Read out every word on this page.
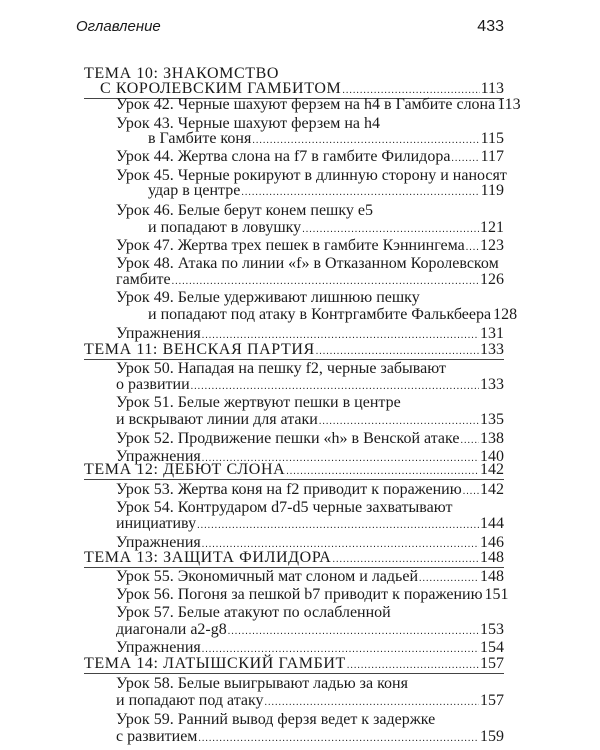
Оглавление	433
ТЕМА 10: ЗНАКОМСТВО
С КОРОЛЕВСКИМ ГАМБИТОМ .....	113
Урок 42. Черные шахуют ферзем на h4 в Гамбите слона 113
Урок 43. Черные шахуют ферзем на h4
в Гамбите коня .....	115
Урок 44. Жертва слона на f7 в гамбите Филидора ..... 117
Урок 45. Черные рокируют в длинную сторону и наносят
удар в центре .....	119
Урок 46. Белые берут конем пешку е5
и попадают в ловушку .....	121
Урок 47. Жертва трех пешек в гамбите Кэннингема ..... 123
Урок 48. Атака по линии «f» в Отказанном Королевском
гамбите .....	126
Урок 49. Белые удерживают лишнюю пешку
и попадают под атаку в Контргамбите Фалькбеера 128
Упражнения .....	131
ТЕМА 11: ВЕНСКАЯ ПАРТИЯ .....	133
Урок 50. Нападая на пешку f2, черные забывают
о развитии .....	133
Урок 51. Белые жертвуют пешки в центре
и вскрывают линии для атаки .....	135
Урок 52. Продвижение пешки «h» в Венской атаке ..... 138
Упражнения .....	140
ТЕМА 12: ДЕБЮТ СЛОНА .....	142
Урок 53. Жертва коня на f2 приводит к поражению ..... 142
Урок 54. Контрударом d7-d5 черные захватывают
инициативу .....	144
Упражнения .....	146
ТЕМА 13: ЗАЩИТА ФИЛИДОРА .....	148
Урок 55. Экономичный мат слоном и ладьей .....	148
Урок 56. Погоня за пешкой b7 приводит к поражению 151
Урок 57. Белые атакуют по ослабленной
диагонали а2-g8 .....	153
Упражнения .....	154
ТЕМА 14: ЛАТЫШСКИЙ ГАМБИТ .....	157
Урок 58. Белые выигрывают ладью за коня
и попадают под атаку .....	157
Урок 59. Ранний вывод ферзя ведет к задержке
с развитием .....	159
